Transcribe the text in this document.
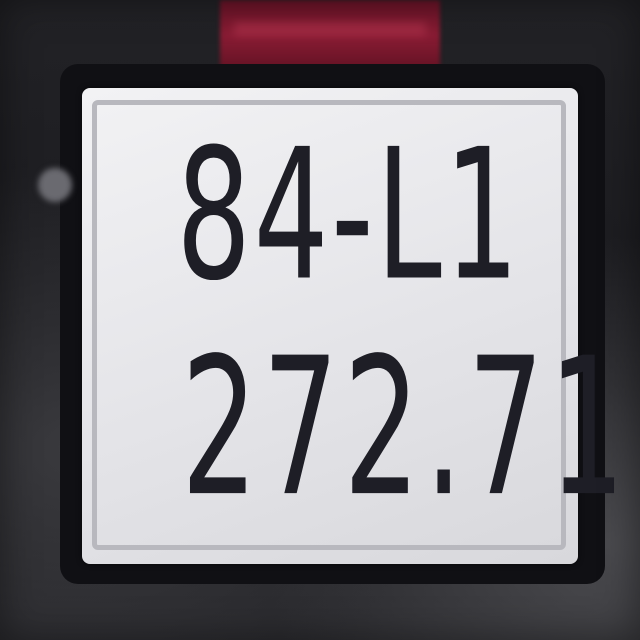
84-L1
272.71
